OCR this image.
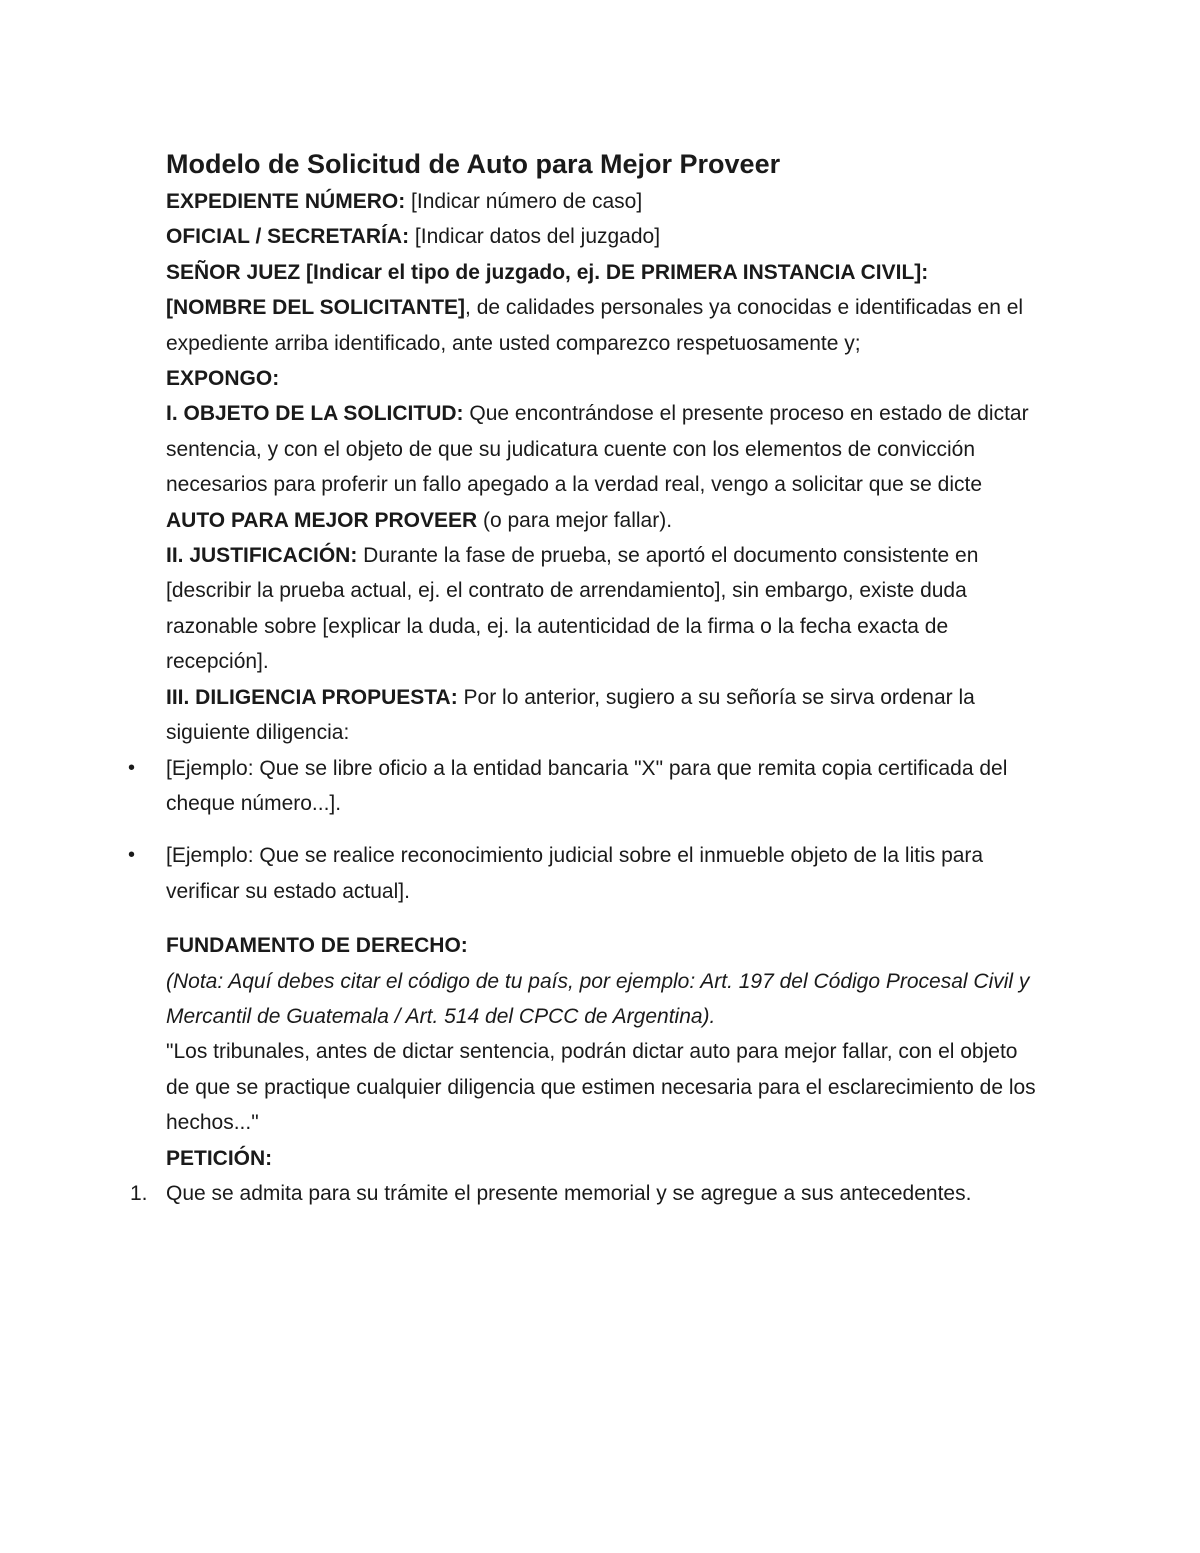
Modelo de Solicitud de Auto para Mejor Proveer

EXPEDIENTE NÚMERO: [Indicar número de caso]

OFICIAL / SECRETARÍA: [Indicar datos del juzgado]

SEÑOR JUEZ [Indicar el tipo de juzgado, ej. DE PRIMERA INSTANCIA CIVIL]:

[NOMBRE DEL SOLICITANTE], de calidades personales ya conocidas e identificadas en el expediente arriba identificado, ante usted comparezco respetuosamente y;

EXPONGO:

I. OBJETO DE LA SOLICITUD: Que encontrándose el presente proceso en estado de dictar sentencia, y con el objeto de que su judicatura cuente con los elementos de convicción necesarios para proferir un fallo apegado a la verdad real, vengo a solicitar que se dicte AUTO PARA MEJOR PROVEER (o para mejor fallar).

II. JUSTIFICACIÓN: Durante la fase de prueba, se aportó el documento consistente en [describir la prueba actual, ej. el contrato de arrendamiento], sin embargo, existe duda razonable sobre [explicar la duda, ej. la autenticidad de la firma o la fecha exacta de recepción].

III. DILIGENCIA PROPUESTA: Por lo anterior, sugiero a su señoría se sirva ordenar la siguiente diligencia:

• [Ejemplo: Que se libre oficio a la entidad bancaria "X" para que remita copia certificada del cheque número...].
• [Ejemplo: Que se realice reconocimiento judicial sobre el inmueble objeto de la litis para verificar su estado actual].

FUNDAMENTO DE DERECHO:

(Nota: Aquí debes citar el código de tu país, por ejemplo: Art. 197 del Código Procesal Civil y Mercantil de Guatemala / Art. 514 del CPCC de Argentina).

"Los tribunales, antes de dictar sentencia, podrán dictar auto para mejor fallar, con el objeto de que se practique cualquier diligencia que estimen necesaria para el esclarecimiento de los hechos..."

PETICIÓN:

1. Que se admita para su trámite el presente memorial y se agregue a sus antecedentes.
